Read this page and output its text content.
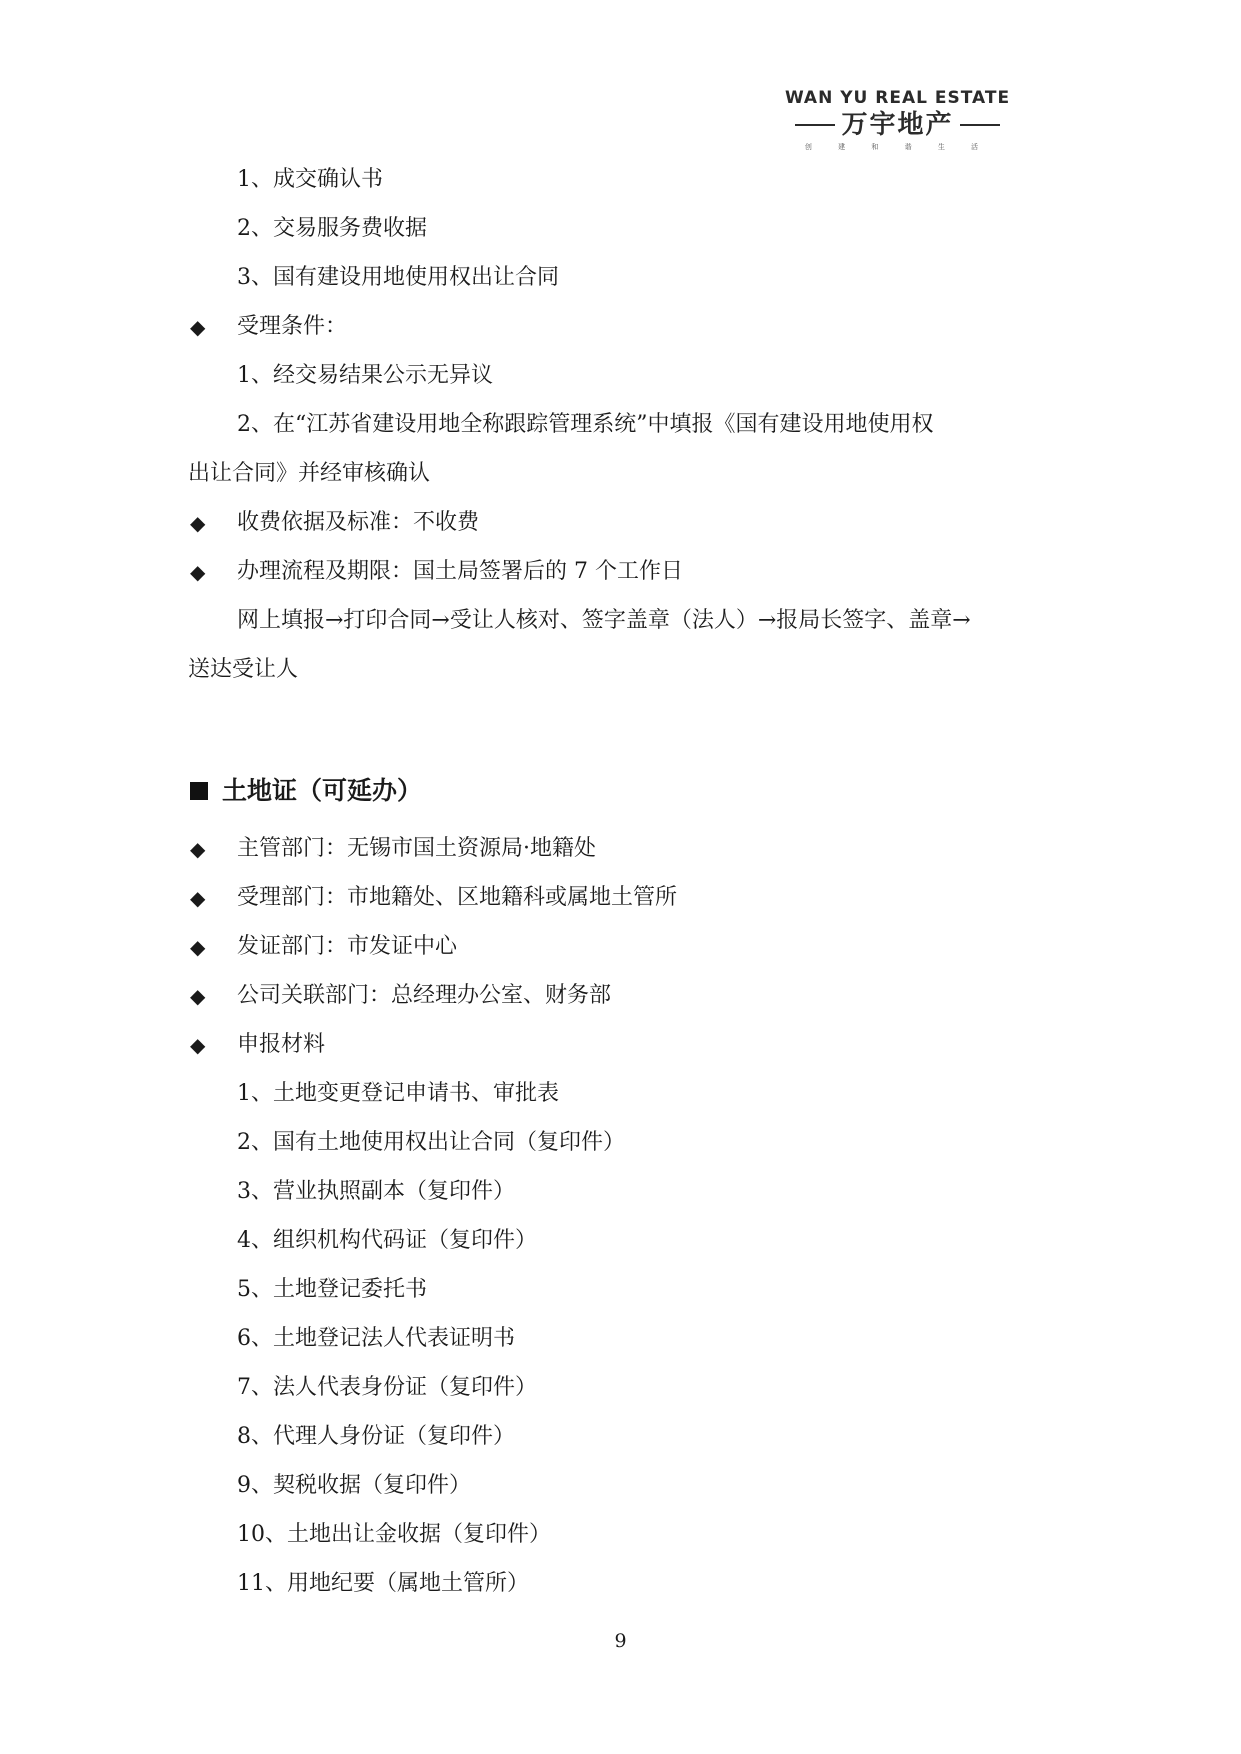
WAN YU REAL ESTATE
万宇地产
创 建 和 谐 生 活
1、成交确认书
2、交易服务费收据
3、国有建设用地使用权出让合同
◆ 受理条件：
1、经交易结果公示无异议
2、在“江苏省建设用地全称跟踪管理系统”中填报《国有建设用地使用权
出让合同》并经审核确认
◆ 收费依据及标准：不收费
◆ 办理流程及期限：国土局签署后的 7 个工作日
网上填报→打印合同→受让人核对、签字盖章（法人）→报局长签字、盖章→
送达受让人
土地证（可延办）
◆ 主管部门：无锡市国土资源局·地籍处
◆ 受理部门：市地籍处、区地籍科或属地土管所
◆ 发证部门：市发证中心
◆ 公司关联部门：总经理办公室、财务部
◆ 申报材料
1、土地变更登记申请书、审批表
2、国有土地使用权出让合同（复印件）
3、营业执照副本（复印件）
4、组织机构代码证（复印件）
5、土地登记委托书
6、土地登记法人代表证明书
7、法人代表身份证（复印件）
8、代理人身份证（复印件）
9、契税收据（复印件）
10、土地出让金收据（复印件）
11、用地纪要（属地土管所）
9
